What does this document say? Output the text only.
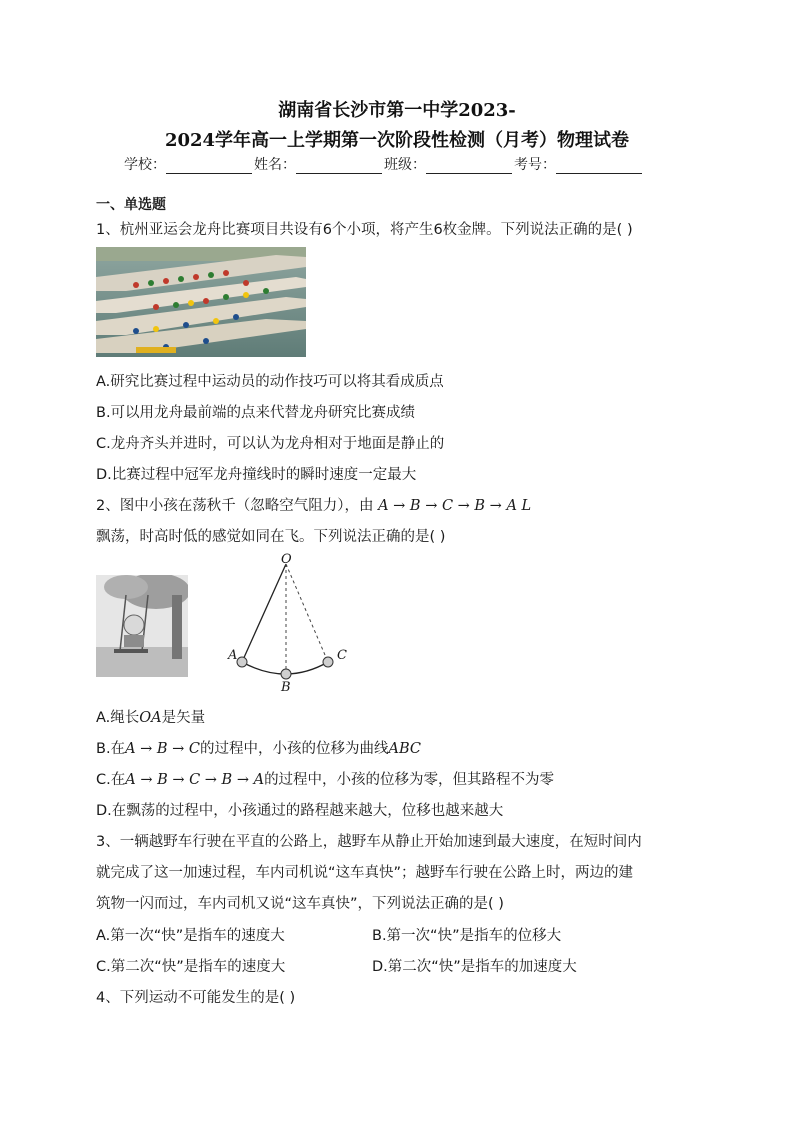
湖南省长沙市第一中学2023-
2024学年高一上学期第一次阶段性检测（月考）物理试卷
学校：	姓名：	班级：	考号：
一、单选题
1、杭州亚运会龙舟比赛项目共设有6个小项，将产生6枚金牌。下列说法正确的是( )
A.研究比赛过程中运动员的动作技巧可以将其看成质点
B.可以用龙舟最前端的点来代替龙舟研究比赛成绩
C.龙舟齐头并进时，可以认为龙舟相对于地面是静止的
D.比赛过程中冠军龙舟撞线时的瞬时速度一定最大
2、图中小孩在荡秋千（忽略空气阻力），由 A → B → C → B → A L
飘荡，时高时低的感觉如同在飞。下列说法正确的是( )
O
A
B
C
A.绳长OA是矢量
B.在A → B → C的过程中，小孩的位移为曲线ABC
C.在A → B → C → B → A的过程中，小孩的位移为零，但其路程不为零
D.在飘荡的过程中，小孩通过的路程越来越大，位移也越来越大
3、一辆越野车行驶在平直的公路上，越野车从静止开始加速到最大速度，在短时间内
就完成了这一加速过程，车内司机说“这车真快”；越野车行驶在公路上时，两边的建
筑物一闪而过，车内司机又说“这车真快”，下列说法正确的是( )
A.第一次“快”是指车的速度大	B.第一次“快”是指车的位移大
C.第二次“快”是指车的速度大	D.第二次“快”是指车的加速度大
4、下列运动不可能发生的是( )
